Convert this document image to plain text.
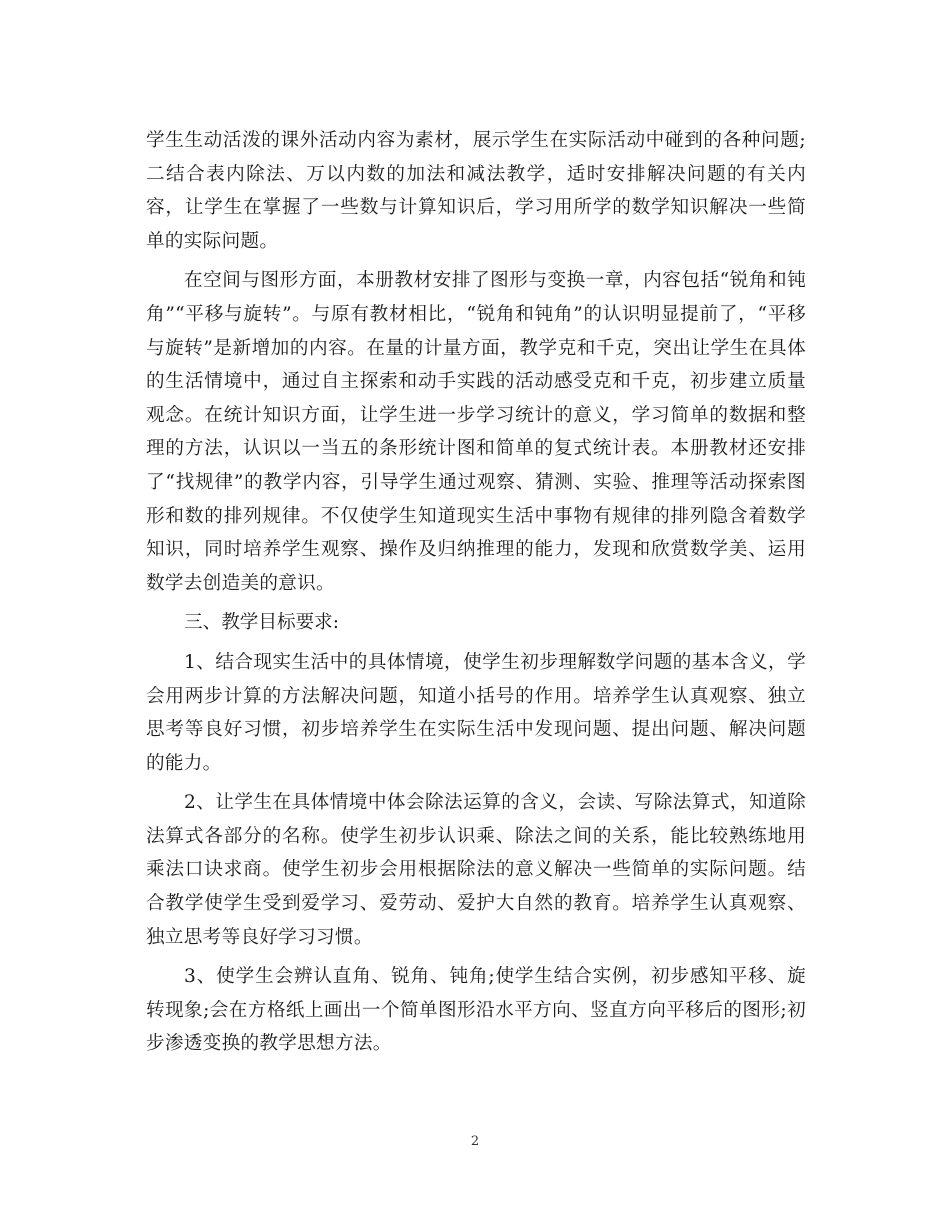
学生生动活泼的课外活动内容为素材，展示学生在实际活动中碰到的各种问题;二结合表内除法、万以内数的加法和减法教学，适时安排解决问题的有关内容，让学生在掌握了一些数与计算知识后，学习用所学的数学知识解决一些简单的实际问题。

在空间与图形方面，本册教材安排了图形与变换一章，内容包括“锐角和钝角”“平移与旋转”。与原有教材相比，“锐角和钝角”的认识明显提前了，“平移与旋转”是新增加的内容。在量的计量方面，教学克和千克，突出让学生在具体的生活情境中，通过自主探索和动手实践的活动感受克和千克，初步建立质量观念。在统计知识方面，让学生进一步学习统计的意义，学习简单的数据和整理的方法，认识以一当五的条形统计图和简单的复式统计表。本册教材还安排了“找规律”的教学内容，引导学生通过观察、猜测、实验、推理等活动探索图形和数的排列规律。不仅使学生知道现实生活中事物有规律的排列隐含着数学知识，同时培养学生观察、操作及归纳推理的能力，发现和欣赏数学美、运用数学去创造美的意识。

三、教学目标要求:

1、结合现实生活中的具体情境，使学生初步理解数学问题的基本含义，学会用两步计算的方法解决问题，知道小括号的作用。培养学生认真观察、独立思考等良好习惯，初步培养学生在实际生活中发现问题、提出问题、解决问题的能力。

2、让学生在具体情境中体会除法运算的含义，会读、写除法算式，知道除法算式各部分的名称。使学生初步认识乘、除法之间的关系，能比较熟练地用乘法口诀求商。使学生初步会用根据除法的意义解决一些简单的实际问题。结合教学使学生受到爱学习、爱劳动、爱护大自然的教育。培养学生认真观察、独立思考等良好学习习惯。

3、使学生会辨认直角、锐角、钝角;使学生结合实例，初步感知平移、旋转现象;会在方格纸上画出一个简单图形沿水平方向、竖直方向平移后的图形;初步渗透变换的教学思想方法。

2
